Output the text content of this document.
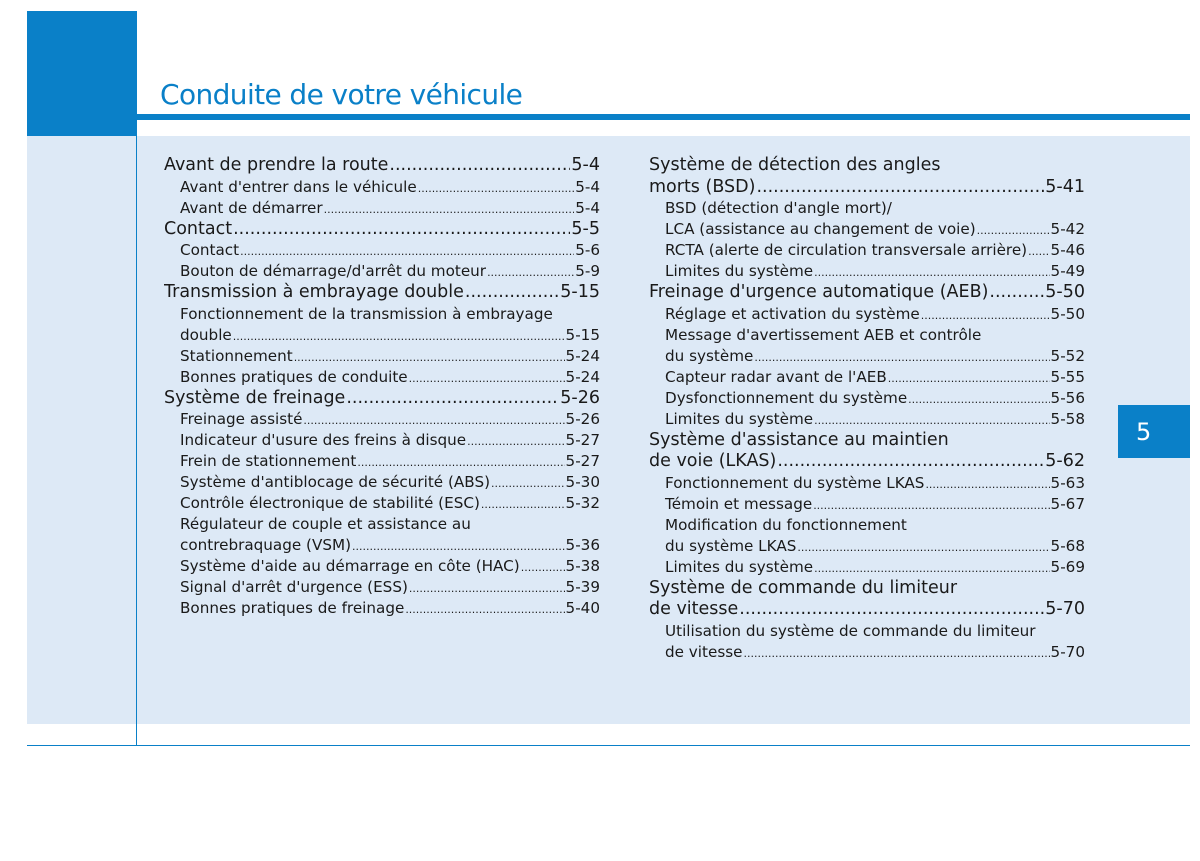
Conduite de votre véhicule
5
Avant de prendre la route .....	5-4
Avant d'entrer dans le véhicule .....	5-4
Avant de démarrer .....	5-4
Contact .....	5-5
Contact .....	5-6
Bouton de démarrage/d'arrêt du moteur .....	5-9
Transmission à embrayage double .....	5-15
Fonctionnement de la transmission à embrayage
double .....	5-15
Stationnement .....	5-24
Bonnes pratiques de conduite .....	5-24
Système de freinage .....	5-26
Freinage assisté .....	5-26
Indicateur d'usure des freins à disque .....	5-27
Frein de stationnement .....	5-27
Système d'antiblocage de sécurité (ABS) .....	5-30
Contrôle électronique de stabilité (ESC) .....	5-32
Régulateur de couple et assistance au
contrebraquage (VSM) .....	5-36
Système d'aide au démarrage en côte (HAC) .....	5-38
Signal d'arrêt d'urgence (ESS) .....	5-39
Bonnes pratiques de freinage .....	5-40
Système de détection des angles
morts (BSD) .....	5-41
BSD (détection d'angle mort)/
LCA (assistance au changement de voie) .....	5-42
RCTA (alerte de circulation transversale arrière) ..... 5-46
Limites du système .....	5-49
Freinage d'urgence automatique (AEB) .....	5-50
Réglage et activation du système .....	5-50
Message d'avertissement AEB et contrôle
du système .....	5-52
Capteur radar avant de l'AEB .....	5-55
Dysfonctionnement du système .....	5-56
Limites du système .....	5-58
Système d'assistance au maintien
de voie (LKAS) .....	5-62
Fonctionnement du système LKAS .....	5-63
Témoin et message .....	5-67
Modification du fonctionnement
du système LKAS .....	5-68
Limites du système .....	5-69
Système de commande du limiteur
de vitesse .....	5-70
Utilisation du système de commande du limiteur
de vitesse .....	5-70
